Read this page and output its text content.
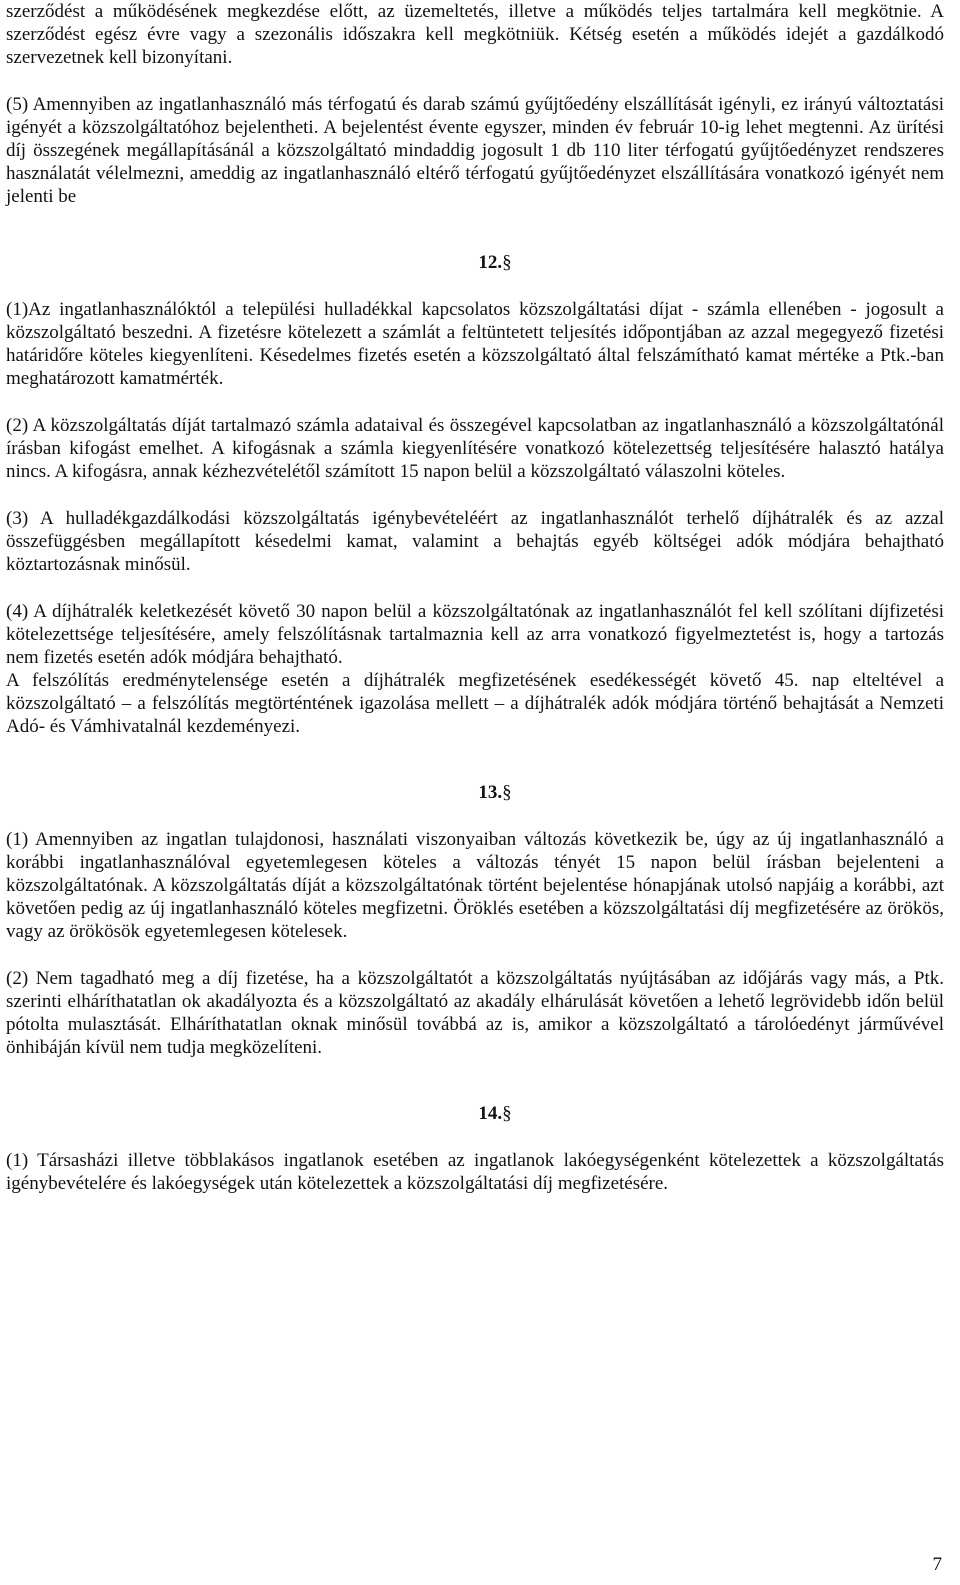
szerződést a működésének megkezdése előtt, az üzemeltetés, illetve a működés teljes tartalmára kell megkötnie. A szerződést egész évre vagy a szezonális időszakra kell megkötniük. Kétség esetén a működés idejét a gazdálkodó szervezetnek kell bizonyítani.

(5) Amennyiben az ingatlanhasználó más térfogatú és darab számú gyűjtőedény elszállítását igényli, ez irányú változtatási igényét a közszolgáltatóhoz bejelentheti. A bejelentést évente egyszer, minden év február 10-ig lehet megtenni. Az ürítési díj összegének megállapításánál a közszolgáltató mindaddig jogosult 1 db 110 liter térfogatú gyűjtőedényzet rendszeres használatát vélelmezni, ameddig az ingatlanhasználó eltérő térfogatú gyűjtőedényzet elszállítására vonatkozó igényét nem jelenti be

12.§

(1)Az ingatlanhasználóktól a települési hulladékkal kapcsolatos közszolgáltatási díjat - számla ellenében - jogosult a közszolgáltató beszedni. A fizetésre kötelezett a számlát a feltüntetett teljesítés időpontjában az azzal megegyező fizetési határidőre köteles kiegyenlíteni. Késedelmes fizetés esetén a közszolgáltató által felszámítható kamat mértéke a Ptk.-ban meghatározott kamatmérték.

(2) A közszolgáltatás díját tartalmazó számla adataival és összegével kapcsolatban az ingatlanhasználó a közszolgáltatónál írásban kifogást emelhet. A kifogásnak a számla kiegyenlítésére vonatkozó kötelezettség teljesítésére halasztó hatálya nincs. A kifogásra, annak kézhezvételétől számított 15 napon belül a közszolgáltató válaszolni köteles.

(3) A hulladékgazdálkodási közszolgáltatás igénybevételéért az ingatlanhasználót terhelő díjhátralék és az azzal összefüggésben megállapított késedelmi kamat, valamint a behajtás egyéb költségei adók módjára behajtható köztartozásnak minősül.

(4) A díjhátralék keletkezését követő 30 napon belül a közszolgáltatónak az ingatlanhasználót fel kell szólítani díjfizetési kötelezettsége teljesítésére, amely felszólításnak tartalmaznia kell az arra vonatkozó figyelmeztetést is, hogy a tartozás nem fizetés esetén adók módjára behajtható.

A felszólítás eredménytelensége esetén a díjhátralék megfizetésének esedékességét követő 45. nap elteltével a közszolgáltató – a felszólítás megtörténtének igazolása mellett – a díjhátralék adók módjára történő behajtását a Nemzeti Adó- és Vámhivatalnál kezdeményezi.

13.§

(1) Amennyiben az ingatlan tulajdonosi, használati viszonyaiban változás következik be, úgy az új ingatlanhasználó a korábbi ingatlanhasználóval egyetemlegesen köteles a változás tényét 15 napon belül írásban bejelenteni a közszolgáltatónak. A közszolgáltatás díját a közszolgáltatónak történt bejelentése hónapjának utolsó napjáig a korábbi, azt követően pedig az új ingatlanhasználó köteles megfizetni. Öröklés esetében a közszolgáltatási díj megfizetésére az örökös, vagy az örökösök egyetemlegesen kötelesek.

(2) Nem tagadható meg a díj fizetése, ha a közszolgáltatót a közszolgáltatás nyújtásában az időjárás vagy más, a Ptk. szerinti elháríthatatlan ok akadályozta és a közszolgáltató az akadály elhárulását követően a lehető legrövidebb időn belül pótolta mulasztását. Elháríthatatlan oknak minősül továbbá az is, amikor a közszolgáltató a tárolóedényt járművével önhibáján kívül nem tudja megközelíteni.

14.§

(1) Társasházi illetve többlakásos ingatlanok esetében az ingatlanok lakóegységenként kötelezettek a közszolgáltatás igénybevételére és lakóegységek után kötelezettek a közszolgáltatási díj megfizetésére.

7
